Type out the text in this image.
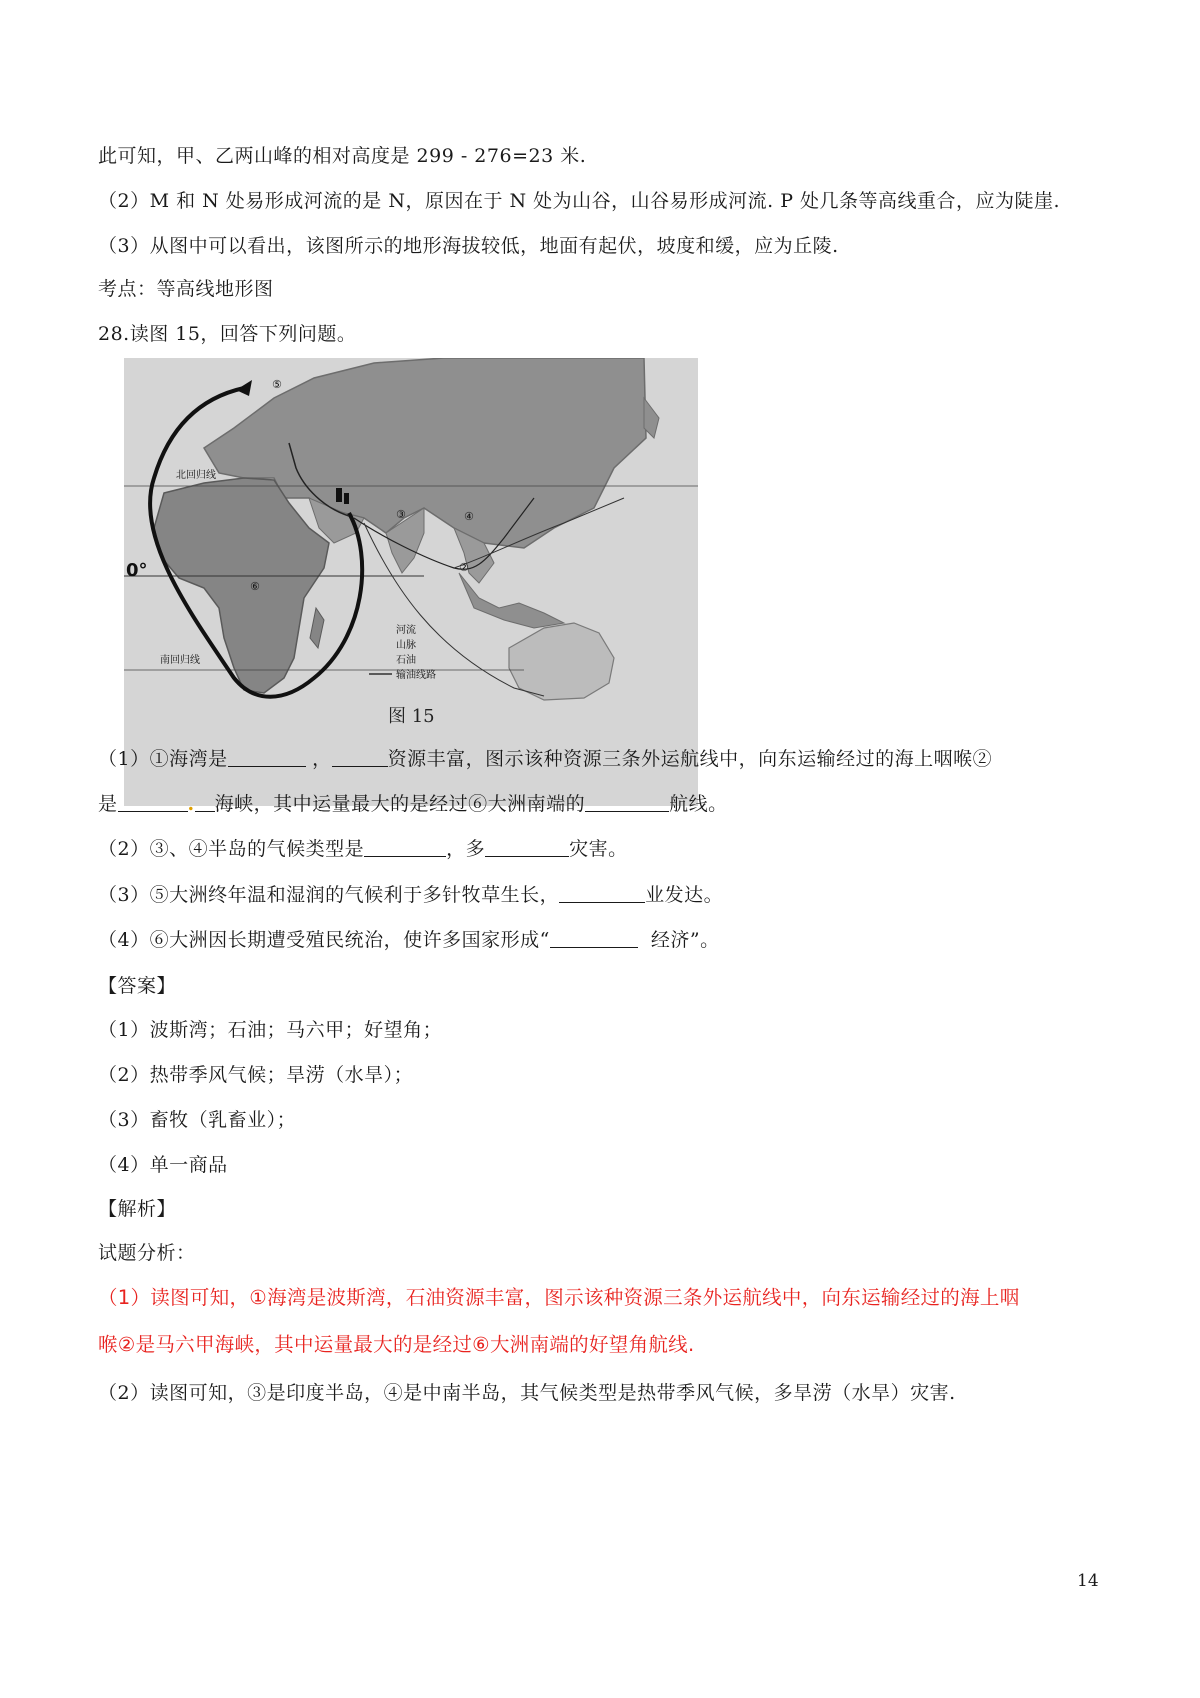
此可知，甲、乙两山峰的相对高度是 299 - 276=23 米.
（2）M 和 N 处易形成河流的是 N，原因在于 N 处为山谷，山谷易形成河流. P 处几条等高线重合，应为陡崖.
（3）从图中可以看出，该图所示的地形海拔较低，地面有起伏，坡度和缓，应为丘陵.
考点：等高线地形图
28.读图 15，回答下列问题。
0°
北回归线
南回归线
②
③	④
⑤
⑥
河流
山脉
石油
输油线路
图 15
（1）①海湾是	，	资源丰富，图示该种资源三条外运航线中，向东运输经过的海上咽喉②
是	. 海峡，其中运量最大的是经过⑥大洲南端的	航线。
（2）③、④半岛的气候类型是	，多	灾害。
（3）⑤大洲终年温和湿润的气候利于多针牧草生长，	业发达。
（4）⑥大洲因长期遭受殖民统治，使许多国家形成“	经济”。
【答案】
（1）波斯湾；石油；马六甲；好望角；
（2）热带季风气候；旱涝（水旱）；
（3）畜牧（乳畜业）；
（4）单一商品
【解析】
试题分析：
（1）读图可知，①海湾是波斯湾，石油资源丰富，图示该种资源三条外运航线中，向东运输经过的海上咽
喉②是马六甲海峡，其中运量最大的是经过⑥大洲南端的好望角航线.
（2）读图可知，③是印度半岛，④是中南半岛，其气候类型是热带季风气候，多旱涝（水旱）灾害.
14
